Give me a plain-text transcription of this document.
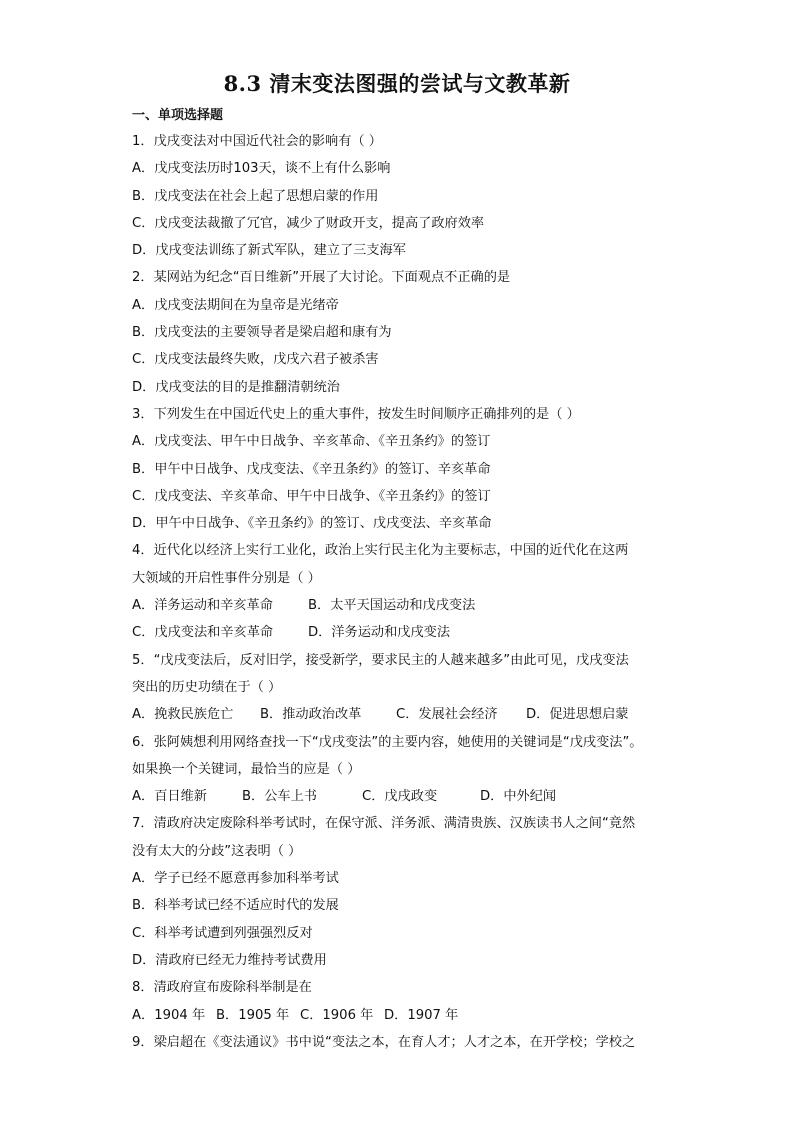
8.3 清末变法图强的尝试与文教革新
一、单项选择题
1．戊戌变法对中国近代社会的影响有（ ）
A．戊戌变法历时103天，谈不上有什么影响
B．戊戌变法在社会上起了思想启蒙的作用
C．戊戌变法裁撤了冗官，减少了财政开支，提高了政府效率
D．戊戌变法训练了新式军队，建立了三支海军
2．某网站为纪念“百日维新”开展了大讨论。下面观点不正确的是
A．戊戌变法期间在为皇帝是光绪帝
B．戊戌变法的主要领导者是梁启超和康有为
C．戊戌变法最终失败，戊戌六君子被杀害
D．戊戌变法的目的是推翻清朝统治
3．下列发生在中国近代史上的重大事件，按发生时间顺序正确排列的是（ ）
A．戊戌变法、甲午中日战争、辛亥革命、《辛丑条约》的签订
B．甲午中日战争、戊戌变法、《辛丑条约》的签订、辛亥革命
C．戊戌变法、辛亥革命、甲午中日战争、《辛丑条约》的签订
D．甲午中日战争、《辛丑条约》的签订、戊戌变法、辛亥革命
4．近代化以经济上实行工业化，政治上实行民主化为主要标志，中国的近代化在这两
大领域的开启性事件分别是（ ）
A．洋务运动和辛亥革命	B．太平天国运动和戊戌变法
C．戊戌变法和辛亥革命	D．洋务运动和戊戌变法
5．“戊戌变法后，反对旧学，接受新学，要求民主的人越来越多”由此可见，戊戌变法
突出的历史功绩在于（ ）
A．挽救民族危亡	B．推动政治改革	C．发展社会经济	D．促进思想启蒙
6．张阿姨想利用网络查找一下“戊戌变法”的主要内容，她使用的关键词是“戊戌变法”。
如果换一个关键词，最恰当的应是（ ）
A．百日维新	B．公车上书	C．戊戌政变	D．中外纪闻
7．清政府决定废除科举考试时，在保守派、洋务派、满清贵族、汉族读书人之间“竟然
没有太大的分歧”这表明（ ）
A．学子已经不愿意再参加科举考试
B．科举考试已经不适应时代的发展
C．科举考试遭到列强强烈反对
D．清政府已经无力维持考试费用
8．清政府宣布废除科举制是在
A．1904 年 B．1905 年 C．1906 年 D．1907 年
9．梁启超在《变法通议》书中说“变法之本，在育人才；人才之本，在开学校；学校之
